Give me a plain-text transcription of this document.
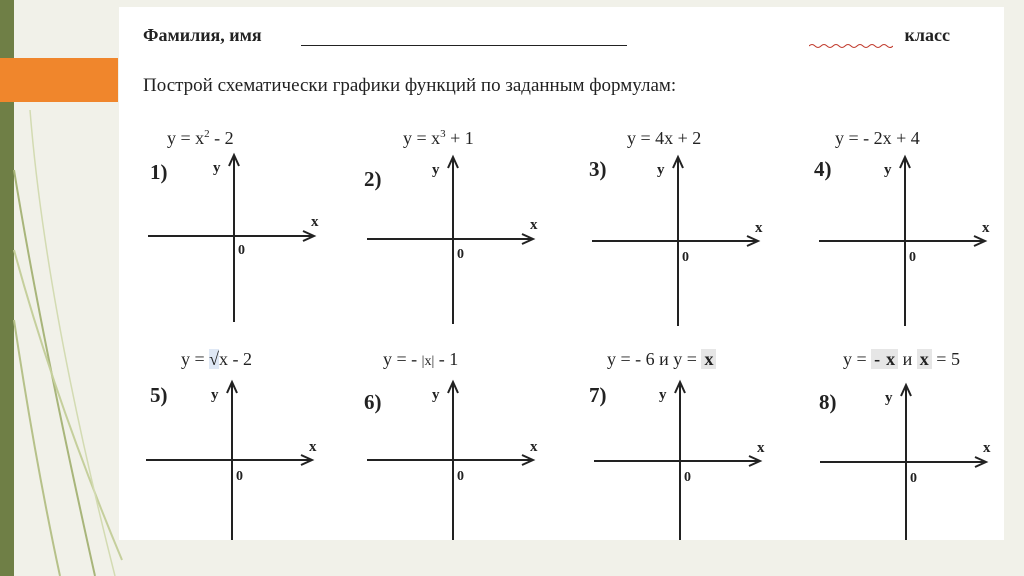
Фамилия, имя	класс
Построй схематически графики функций по заданным формулам:
$y = x^2 - 2$	$y = x^3 + 1$	y = 4x + 2	y = - 2x + 4
1)	2)	3)	4)
y = √x - 2	y = - |x| - 1	y = - 6 и y = x	y = - x и x = 5
5)	6)	7)	8)
y
x
0
y
x
0
y
x
0
y
x
0
y
x
0
y
x
0
y
x
0
y
x
0
